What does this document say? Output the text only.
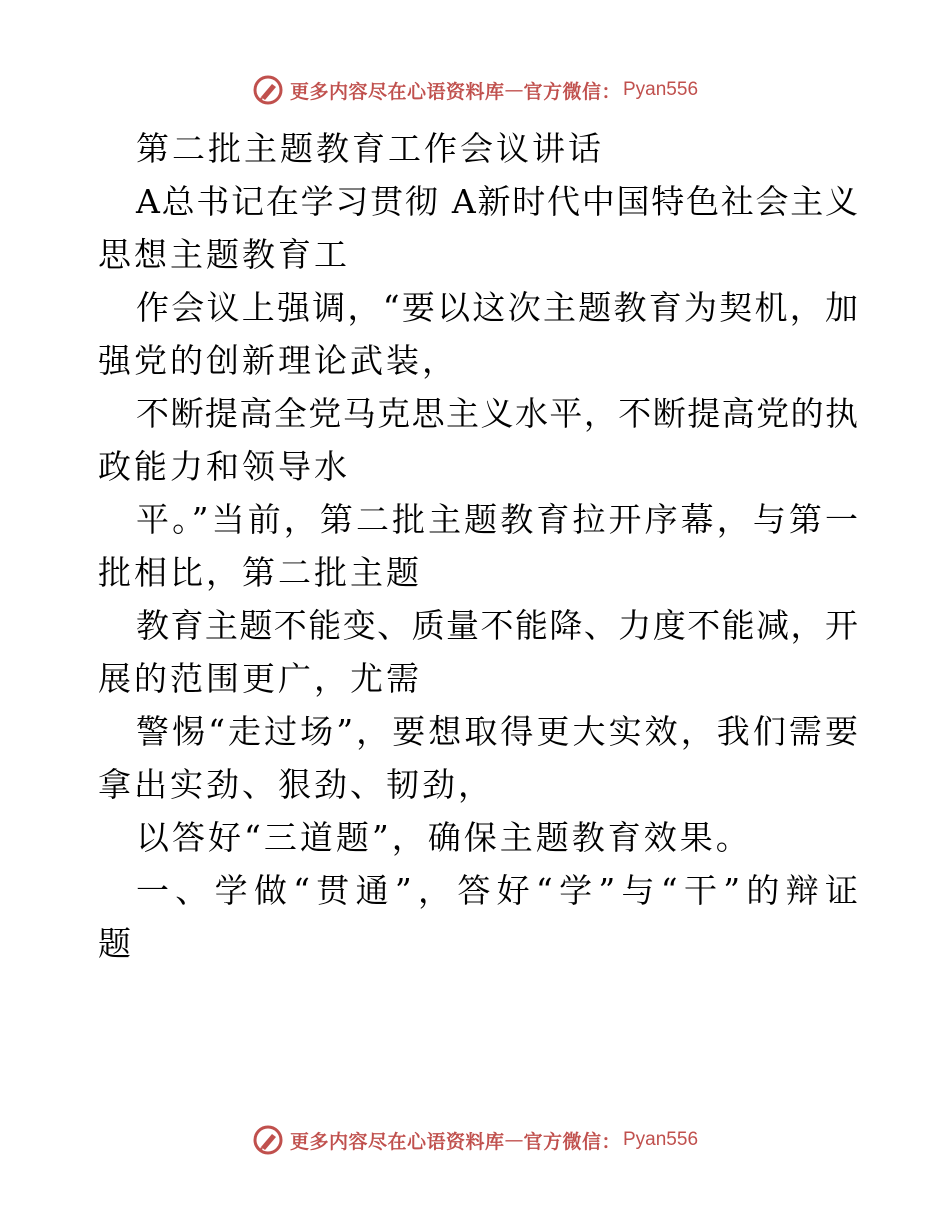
更多内容尽在心语资料库 — 官方微信： Pyan556
第二批主题教育工作会议讲话
A总书记在学习贯彻 A新时代中国特色社会主义
思想主题教育工
作会议上强调，“要以这次主题教育为契机，加
强党的创新理论武装，
不断提高全党马克思主义水平，不断提高党的执
政能力和领导水
平。”当前，第二批主题教育拉开序幕，与第一
批相比，第二批主题
教育主题不能变、质量不能降、力度不能减，开
展的范围更广，尤需
警惕“走过场”，要想取得更大实效，我们需要
拿出实劲、狠劲、韧劲，
以答好“三道题”，确保主题教育效果。
一、学做“贯通”，答好“学”与“干”的辩证
题
更多内容尽在心语资料库 — 官方微信： Pyan556
